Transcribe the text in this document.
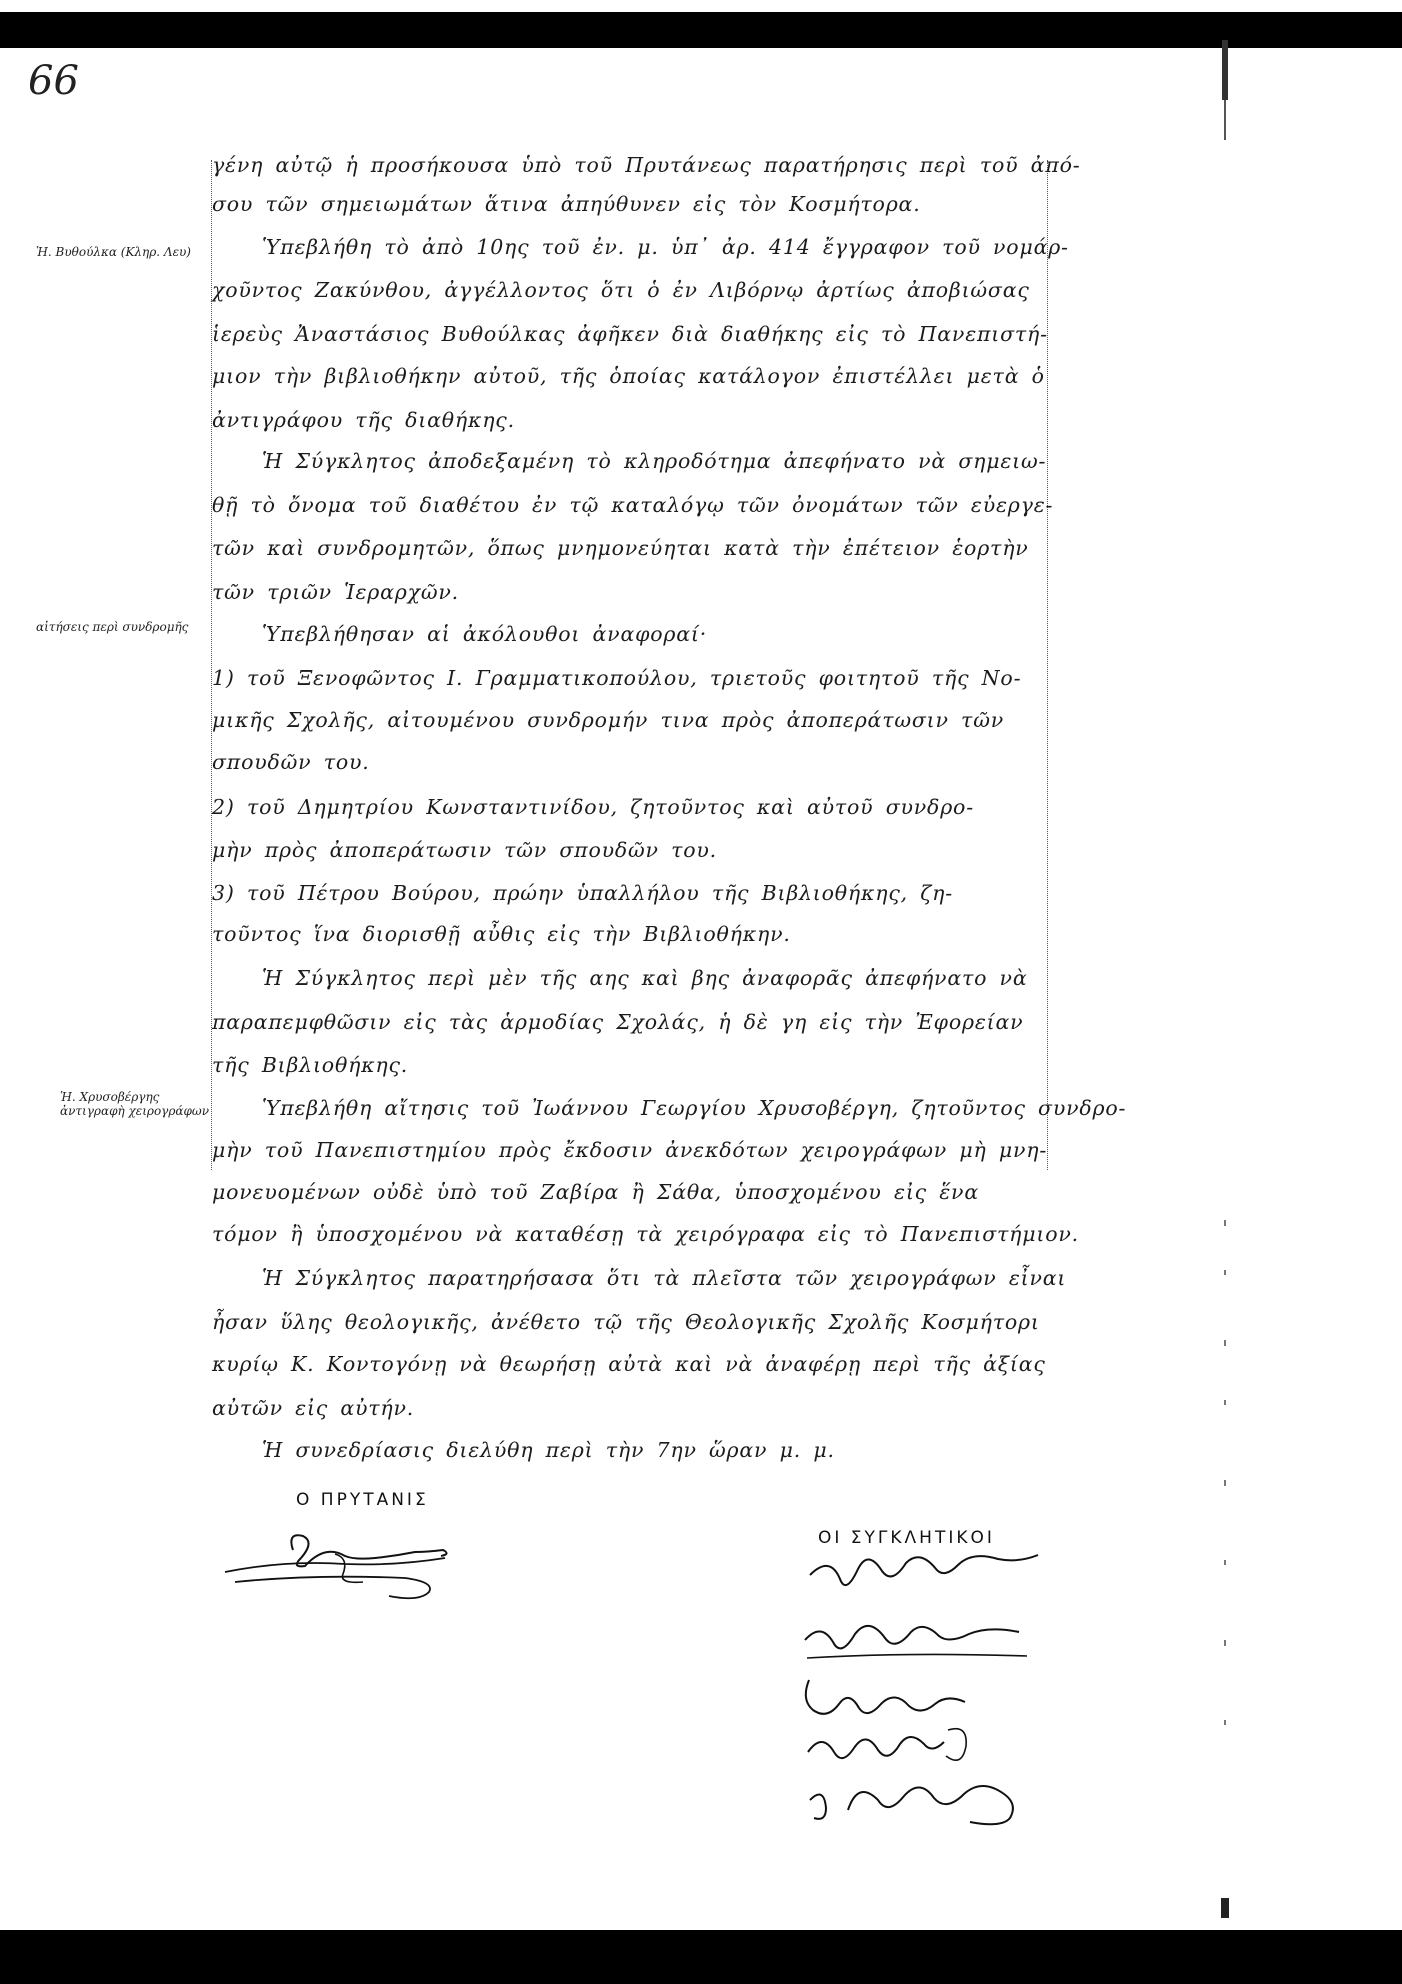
66
Ἡ. Βυθούλκα (Κληρ. Λευ)
αἰτήσεις περὶ συνδρομῆς
Ἡ. Χρυσοβέργης ἀντιγραφὴ χειρογράφων
γένη αὐτῷ ἡ προσήκουσα ὑπὸ τοῦ Πρυτάνεως παρατήρησις περὶ τοῦ ἀπό-
σου τῶν σημειωμάτων ἅτινα ἀπηύθυνεν εἰς τὸν Κοσμήτορα.
Ὑπεβλήθη τὸ ἀπὸ 10ης τοῦ ἐν. μ. ὑπ᾽ ἀρ. 414 ἔγγραφον τοῦ νομάρ-
χοῦντος Ζακύνθου, ἀγγέλλοντος ὅτι ὁ ἐν Λιβόρνῳ ἀρτίως ἀποβιώσας
ἱερεὺς Ἀναστάσιος Βυθούλκας ἀφῆκεν διὰ διαθήκης εἰς τὸ Πανεπιστή-
μιον τὴν βιβλιοθήκην αὐτοῦ, τῆς ὁποίας κατάλογον ἐπιστέλλει μετὰ ὁ
ἀντιγράφου τῆς διαθήκης.
Ἡ Σύγκλητος ἀποδεξαμένη τὸ κληροδότημα ἀπεφήνατο νὰ σημειω-
θῇ τὸ ὄνομα τοῦ διαθέτου ἐν τῷ καταλόγῳ τῶν ὀνομάτων τῶν εὐεργε-
τῶν καὶ συνδρομητῶν, ὅπως μνημονεύηται κατὰ τὴν ἐπέτειον ἑορτὴν
τῶν τριῶν Ἱεραρχῶν.
Ὑπεβλήθησαν αἱ ἀκόλουθοι ἀναφοραί·
1) τοῦ Ξενοφῶντος Ι. Γραμματικοπούλου, τριετοῦς φοιτητοῦ τῆς Νο-
μικῆς Σχολῆς, αἰτουμένου συνδρομήν τινα πρὸς ἀποπεράτωσιν τῶν
σπουδῶν του.
2) τοῦ Δημητρίου Κωνσταντινίδου, ζητοῦντος καὶ αὐτοῦ συνδρο-
μὴν πρὸς ἀποπεράτωσιν τῶν σπουδῶν του.
3) τοῦ Πέτρου Βούρου, πρώην ὑπαλλήλου τῆς Βιβλιοθήκης, ζη-
τοῦντος ἵνα διορισθῇ αὖθις εἰς τὴν Βιβλιοθήκην.
Ἡ Σύγκλητος περὶ μὲν τῆς αης καὶ βης ἀναφορᾶς ἀπεφήνατο νὰ
παραπεμφθῶσιν εἰς τὰς ἁρμοδίας Σχολάς, ἡ δὲ γη εἰς τὴν Ἐφορείαν
τῆς Βιβλιοθήκης.
Ὑπεβλήθη αἴτησις τοῦ Ἰωάννου Γεωργίου Χρυσοβέργη, ζητοῦντος συνδρο-
μὴν τοῦ Πανεπιστημίου πρὸς ἔκδοσιν ἀνεκδότων χειρογράφων μὴ μνη-
μονευομένων οὐδὲ ὑπὸ τοῦ Ζαβίρα ἢ Σάθα, ὑποσχομένου εἰς ἕνα
τόμον ἢ ὑποσχομένου νὰ καταθέσῃ τὰ χειρόγραφα εἰς τὸ Πανεπιστήμιον.
Ἡ Σύγκλητος παρατηρήσασα ὅτι τὰ πλεῖστα τῶν χειρογράφων εἶναι
ἦσαν ὕλης θεολογικῆς, ἀνέθετο τῷ τῆς Θεολογικῆς Σχολῆς Κοσμήτορι
κυρίῳ Κ. Κοντογόνῃ νὰ θεωρήσῃ αὐτὰ καὶ νὰ ἀναφέρῃ περὶ τῆς ἀξίας
αὐτῶν εἰς αὐτήν.
Ἡ συνεδρίασις διελύθη περὶ τὴν 7ην ὥραν μ. μ.
Ο ΠΡΥΤΑΝΙΣ
ΟΙ ΣΥΓΚΛΗΤΙΚΟΙ
